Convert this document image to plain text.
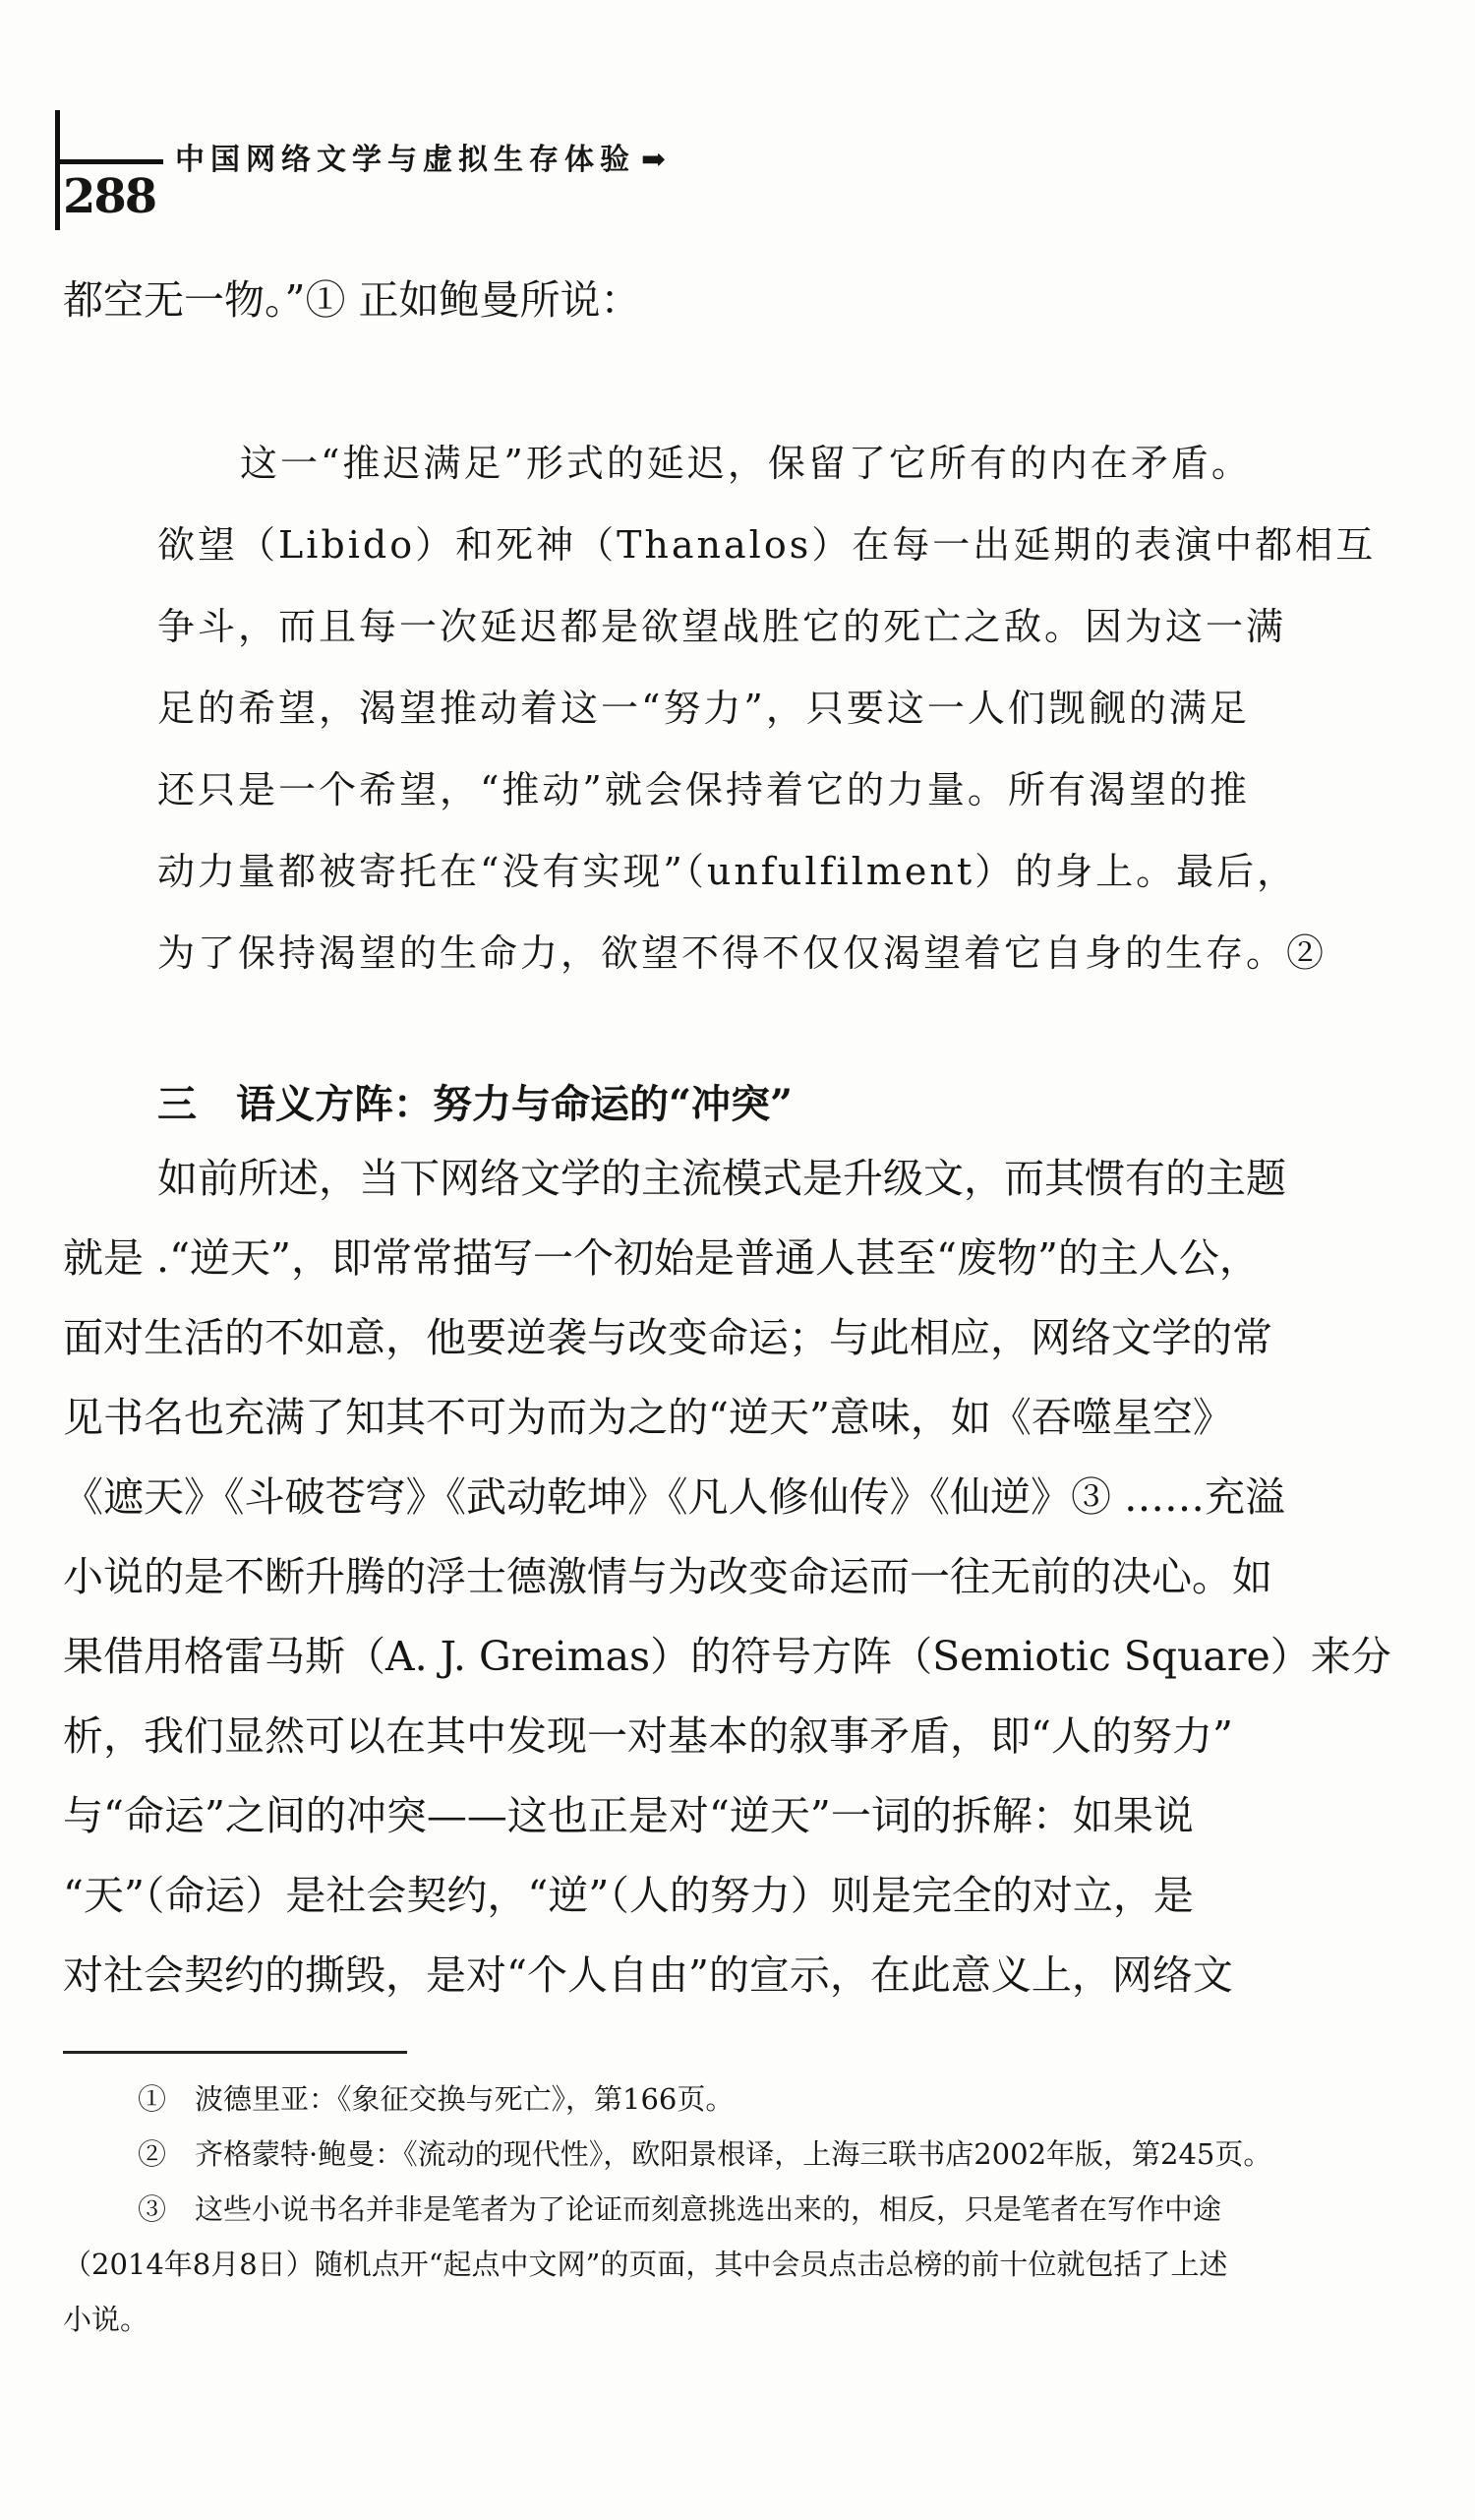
288
中国网络文学与虚拟生存体验 ➡
都空无一物。”① 正如鲍曼所说：
这一“推迟满足”形式的延迟，保留了它所有的内在矛盾。
欲望（Libido）和死神（Thanalos）在每一出延期的表演中都相互
争斗，而且每一次延迟都是欲望战胜它的死亡之敌。因为这一满
足的希望，渴望推动着这一“努力”，只要这一人们觊觎的满足
还只是一个希望，“推动”就会保持着它的力量。所有渴望的推
动力量都被寄托在“没有实现”（unfulfilment）的身上。最后，
为了保持渴望的生命力，欲望不得不仅仅渴望着它自身的生存。②
三　语义方阵：努力与命运的“冲突”
如前所述，当下网络文学的主流模式是升级文，而其惯有的主题
就是 .“逆天”，即常常描写一个初始是普通人甚至“废物”的主人公，
面对生活的不如意，他要逆袭与改变命运；与此相应，网络文学的常
见书名也充满了知其不可为而为之的“逆天”意味，如《吞噬星空》
《遮天》《斗破苍穹》《武动乾坤》《凡人修仙传》《仙逆》③ ……充溢
小说的是不断升腾的浮士德激情与为改变命运而一往无前的决心。如
果借用格雷马斯（A. J. Greimas）的符号方阵（Semiotic Square）来分
析，我们显然可以在其中发现一对基本的叙事矛盾，即“人的努力”
与“命运”之间的冲突——这也正是对“逆天”一词的拆解：如果说
“天”（命运）是社会契约，“逆”（人的努力）则是完全的对立，是
对社会契约的撕毁，是对“个人自由”的宣示，在此意义上，网络文
①　波德里亚：《象征交换与死亡》，第166页。
②　齐格蒙特·鲍曼：《流动的现代性》，欧阳景根译，上海三联书店2002年版，第245页。
③　这些小说书名并非是笔者为了论证而刻意挑选出来的，相反，只是笔者在写作中途
（2014年8月8日）随机点开“起点中文网”的页面，其中会员点击总榜的前十位就包括了上述
小说。
